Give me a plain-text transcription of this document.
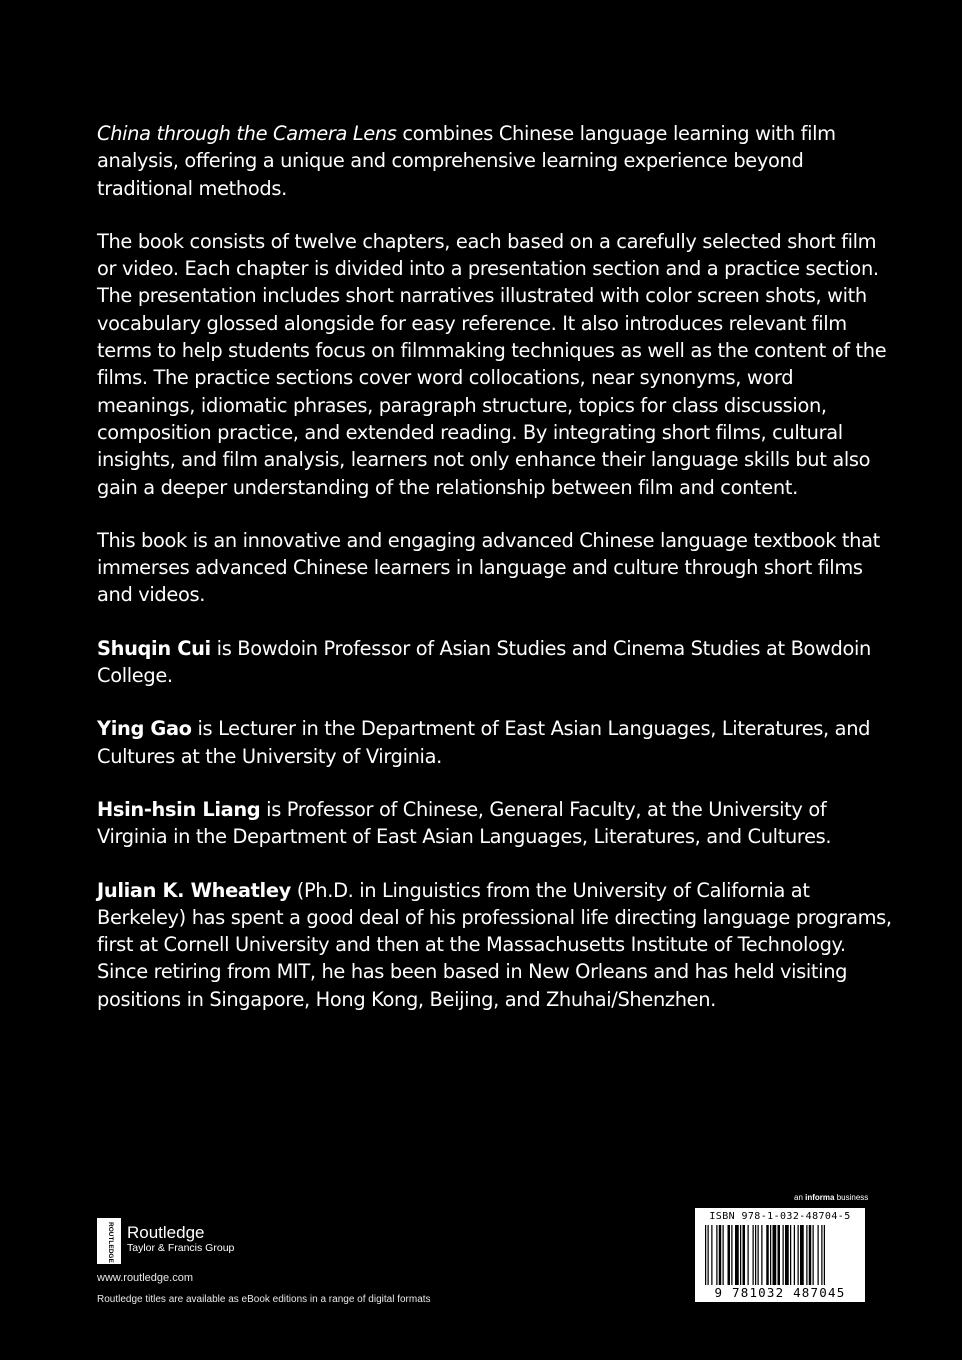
China through the Camera Lens combines Chinese language learning with film analysis, offering a unique and comprehensive learning experience beyond traditional methods.

The book consists of twelve chapters, each based on a carefully selected short film or video. Each chapter is divided into a presentation section and a practice section. The presentation includes short narratives illustrated with color screen shots, with vocabulary glossed alongside for easy reference. It also introduces relevant film terms to help students focus on filmmaking techniques as well as the content of the films. The practice sections cover word collocations, near synonyms, word meanings, idiomatic phrases, paragraph structure, topics for class discussion, composition practice, and extended reading. By integrating short films, cultural insights, and film analysis, learners not only enhance their language skills but also gain a deeper understanding of the relationship between film and content.

This book is an innovative and engaging advanced Chinese language textbook that immerses advanced Chinese learners in language and culture through short films and videos.

Shuqin Cui is Bowdoin Professor of Asian Studies and Cinema Studies at Bowdoin College.

Ying Gao is Lecturer in the Department of East Asian Languages, Literatures, and Cultures at the University of Virginia.

Hsin-hsin Liang is Professor of Chinese, General Faculty, at the University of Virginia in the Department of East Asian Languages, Literatures, and Cultures.

Julian K. Wheatley (Ph.D. in Linguistics from the University of California at Berkeley) has spent a good deal of his professional life directing language programs, first at Cornell University and then at the Massachusetts Institute of Technology. Since retiring from MIT, he has been based in New Orleans and has held visiting positions in Singapore, Hong Kong, Beijing, and Zhuhai/Shenzhen.

ROUTLEDGE Routledge
Taylor & Francis Group
www.routledge.com
Routledge titles are available as eBook editions in a range of digital formats
an informa business
ISBN 978-1-032-48704-5
9 781032 487045
